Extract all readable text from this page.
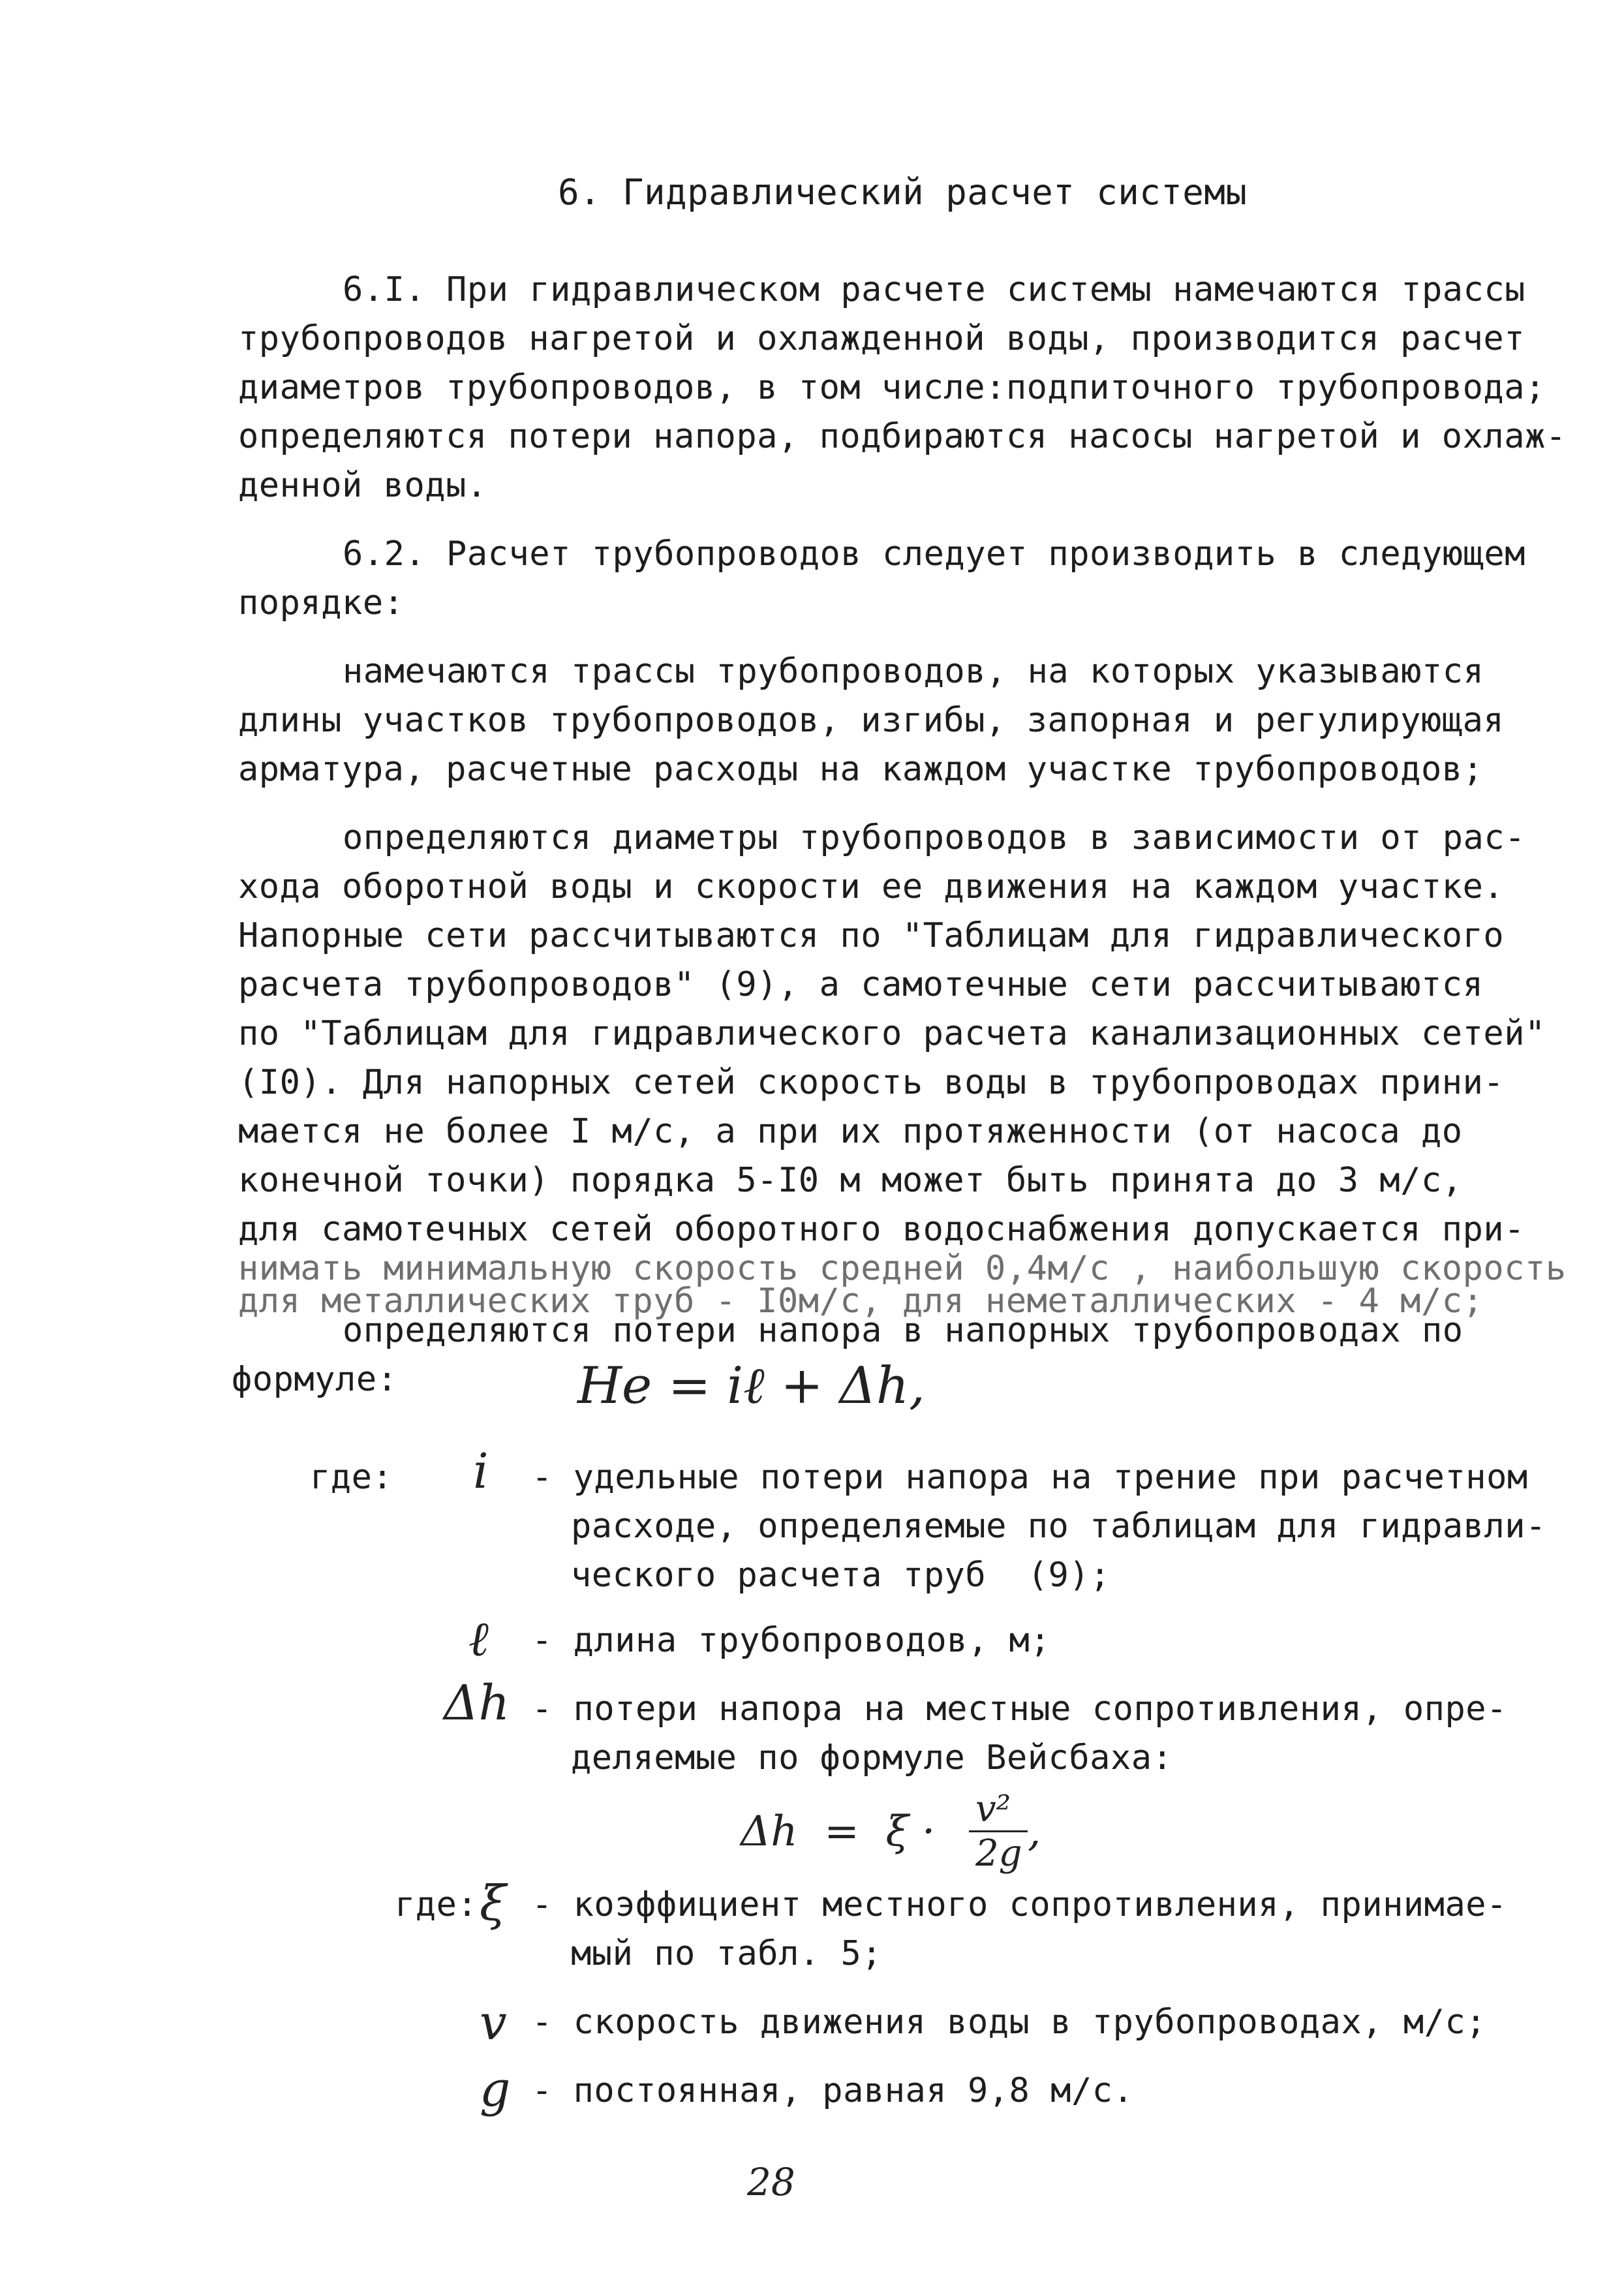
6. Гидравлический расчет системы

6.I. При гидравлическом расчете системы намечаются трассы

трубопроводов нагретой и охлажденной воды, производится расчет

диаметров трубопроводов, в том числе:подпиточного трубопровода;

определяются потери напора, подбираются насосы нагретой и охлаж-

денной воды.

6.2. Расчет трубопроводов следует производить в следующем

порядке:

намечаются трассы трубопроводов, на которых указываются

длины участков трубопроводов, изгибы, запорная и регулирующая

арматура, расчетные расходы на каждом участке трубопроводов;

определяются диаметры трубопроводов в зависимости от рас-

хода оборотной воды и скорости ее движения на каждом участке.

Напорные сети рассчитываются по "Таблицам для гидравлического

расчета трубопроводов" (9), а самотечные сети рассчитываются

по "Таблицам для гидравлического расчета канализационных сетей"

(I0). Для напорных сетей скорость воды в трубопроводах прини-

мается не более I м/с, а при их протяженности (от насоса до

конечной точки) порядка 5-I0 м может быть принята до 3 м/с,

для самотечных сетей оборотного водоснабжения допускается при-

нимать минимальную скорость средней 0,4м/с , наибольшую скорость

для металлических труб - I0м/с, для неметаллических - 4 м/с;

определяются потери напора в напорных трубопроводах по

формуле:	He = iℓ + Δh,

где: i - удельные потери напора на трение при расчетном

расходе, определяемые по таблицам для гидравли-

ческого расчета труб  (9);

ℓ - длина трубопроводов, м;

Δh - потери напора на местные сопротивления, опре-

деляемые по формуле Вейсбаха:

Δh  =  ξ · v²
2g ,

где: ξ - коэффициент местного сопротивления, принимае-

мый по табл. 5;

v - скорость движения воды в трубопроводах, м/с;

g - постоянная, равная 9,8 м/с.

28
